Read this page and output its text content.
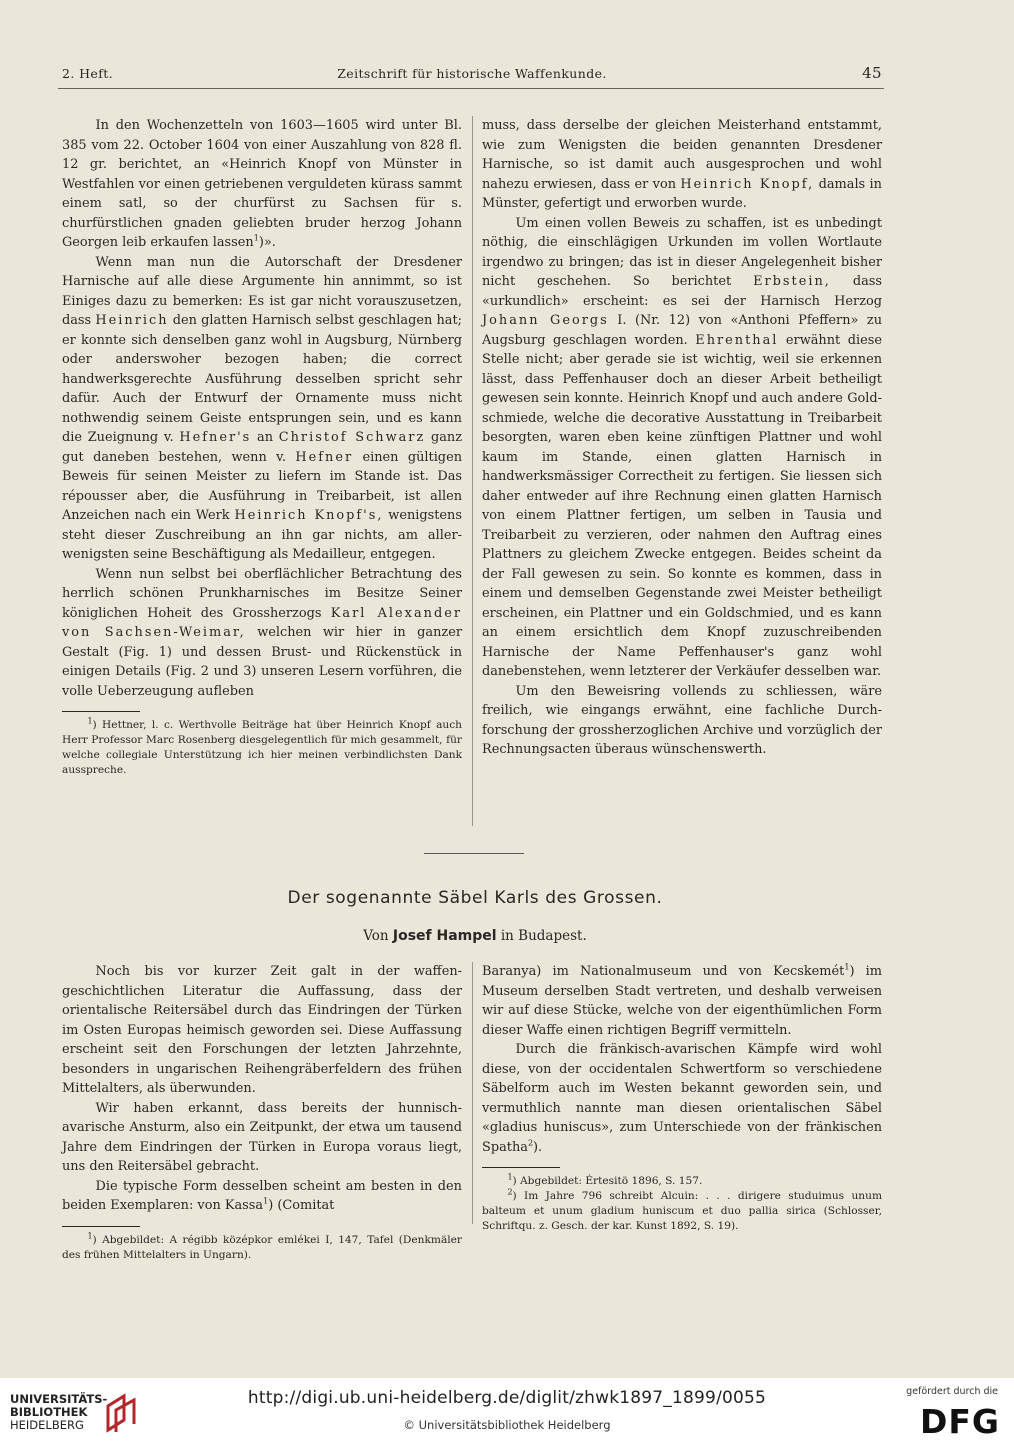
2. Heft.	Zeitschrift für historische Waffenkunde.	45

In den Wochenzetteln von 1603—1605 wird unter Bl. 385 vom 22. October 1604 von einer Auszahlung von 828 fl. 12 gr. berichtet, an «Heinrich Knopf von Münster in Westfahlen vor einen getriebenen verguldeten kürass sammt einem satl, so der churfürst zu Sachsen für s. churfürstlichen gnaden geliebten bruder herzog Johann Georgen leib erkaufen lassen$^1$)».

Wenn man nun die Autorschaft der Dresdener Harnische auf alle diese Argumente hin annimmt, so ist Einiges dazu zu bemerken: Es ist gar nicht vorauszusetzen, dass Heinrich den glatten Harnisch selbst geschlagen hat; er konnte sich denselben ganz wohl in Augsburg, Nürnberg oder anderswoher bezogen haben; die correct handwerksgerechte Ausführung desselben spricht sehr dafür. Auch der Entwurf der Ornamente muss nicht nothwendig seinem Geiste entsprungen sein, und es kann die Zueignung v. Hefner's an Christof Schwarz ganz gut daneben bestehen, wenn v. Hefner einen gültigen Beweis für seinen Meister zu liefern im Stande ist. Das répousser aber, die Ausführung in Treibarbeit, ist allen Anzeichen nach ein Werk Heinrich Knopf's, wenigstens steht dieser Zuschreibung an ihn gar nichts, am allerwenigsten seine Beschäftigung als Medailleur, entgegen.

Wenn nun selbst bei oberflächlicher Betrachtung des herrlich schönen Prunkharnisches im Besitze Seiner königlichen Hoheit des Grossherzogs Karl Alexander von Sachsen-Weimar, welchen wir hier in ganzer Gestalt (Fig. 1) und dessen Brust- und Rückenstück in einigen Details (Fig. 2 und 3) unseren Lesern vorführen, die volle Ueberzeugung aufleben

$^1$) Hettner, l. c. Werthvolle Beiträge hat über Heinrich Knopf auch Herr Professor Marc Rosenberg diesgelegentlich für mich gesammelt, für welche collegiale Unterstützung ich hier meinen verbindlichsten Dank ausspreche.

muss, dass derselbe der gleichen Meisterhand entstammt, wie zum Wenigsten die beiden genannten Dresdener Harnische, so ist damit auch ausgesprochen und wohl nahezu erwiesen, dass er von Heinrich Knopf, damals in Münster, gefertigt und erworben wurde.

Um einen vollen Beweis zu schaffen, ist es unbedingt nöthig, die einschlägigen Urkunden im vollen Wortlaute irgendwo zu bringen; das ist in dieser Angelegenheit bisher nicht geschehen. So berichtet Erbstein, dass «urkundlich» erscheint: es sei der Harnisch Herzog Johann Georgs I. (Nr. 12) von «Anthoni Pfeffern» zu Augsburg geschlagen worden. Ehrenthal erwähnt diese Stelle nicht; aber gerade sie ist wichtig, weil sie erkennen lässt, dass Peffenhauser doch an dieser Arbeit betheiligt gewesen sein konnte. Heinrich Knopf und auch andere Goldschmiede, welche die decorative Ausstattung in Treibarbeit besorgten, waren eben keine zünftigen Plattner und wohl kaum im Stande, einen glatten Harnisch in handwerksmässiger Correctheit zu fertigen. Sie liessen sich daher entweder auf ihre Rechnung einen glatten Harnisch von einem Plattner fertigen, um selben in Tausia und Treibarbeit zu verzieren, oder nahmen den Auftrag eines Plattners zu gleichem Zwecke entgegen. Beides scheint da der Fall gewesen zu sein. So konnte es kommen, dass in einem und demselben Gegenstande zwei Meister betheiligt erscheinen, ein Plattner und ein Goldschmied, und es kann an einem ersichtlich dem Knopf zuzuschreibenden Harnische der Name Peffenhauser's ganz wohl danebenstehen, wenn letzterer der Verkäufer desselben war.

Um den Beweisring vollends zu schliessen, wäre freilich, wie eingangs erwähnt, eine fachliche Durchforschung der grossherzoglichen Archive und vorzüglich der Rechnungsacten überaus wünschenswerth.

Der sogenannte Säbel Karls des Grossen.
Von Josef Hampel in Budapest.

Noch bis vor kurzer Zeit galt in der waffengeschichtlichen Literatur die Auffassung, dass der orientalische Reitersäbel durch das Eindringen der Türken im Osten Europas heimisch geworden sei. Diese Auffassung erscheint seit den Forschungen der letzten Jahrzehnte, besonders in ungarischen Reihengräberfeldern des frühen Mittelalters, als überwunden.

Wir haben erkannt, dass bereits der hunnisch-avarische Ansturm, also ein Zeitpunkt, der etwa um tausend Jahre dem Eindringen der Türken in Europa voraus liegt, uns den Reitersäbel gebracht.

Die typische Form desselben scheint am besten in den beiden Exemplaren: von Kassa$^1$) (Comitat

$^1$) Abgebildet: A régibb középkor emlékei I, 147, Tafel (Denkmäler des frühen Mittelalters in Ungarn).

Baranya) im Nationalmuseum und von Kecskemét$^1$) im Museum derselben Stadt vertreten, und deshalb verweisen wir auf diese Stücke, welche von der eigenthümlichen Form dieser Waffe einen richtigen Begriff vermitteln.

Durch die fränkisch-avarischen Kämpfe wird wohl diese, von der occidentalen Schwertform so verschiedene Säbelform auch im Westen bekannt geworden sein, und vermuthlich nannte man diesen orientalischen Säbel «gladius huniscus», zum Unterschiede von der fränkischen Spatha$^2$).

$^1$) Abgebildet: Értesitö 1896, S. 157.

$^2$) Im Jahre 796 schreibt Alcuin: . . . dirigere studuimus unum balteum et unum gladium huniscum et duo pallia sirica (Schlosser, Schriftqu. z. Gesch. der kar. Kunst 1892, S. 19).

UNIVERSITÄTS-
BIBLIOTHEK
HEIDELBERG
http://digi.ub.uni-heidelberg.de/diglit/zhwk1897_1899/0055
© Universitätsbibliothek Heidelberg
gefördert durch die
DFG
